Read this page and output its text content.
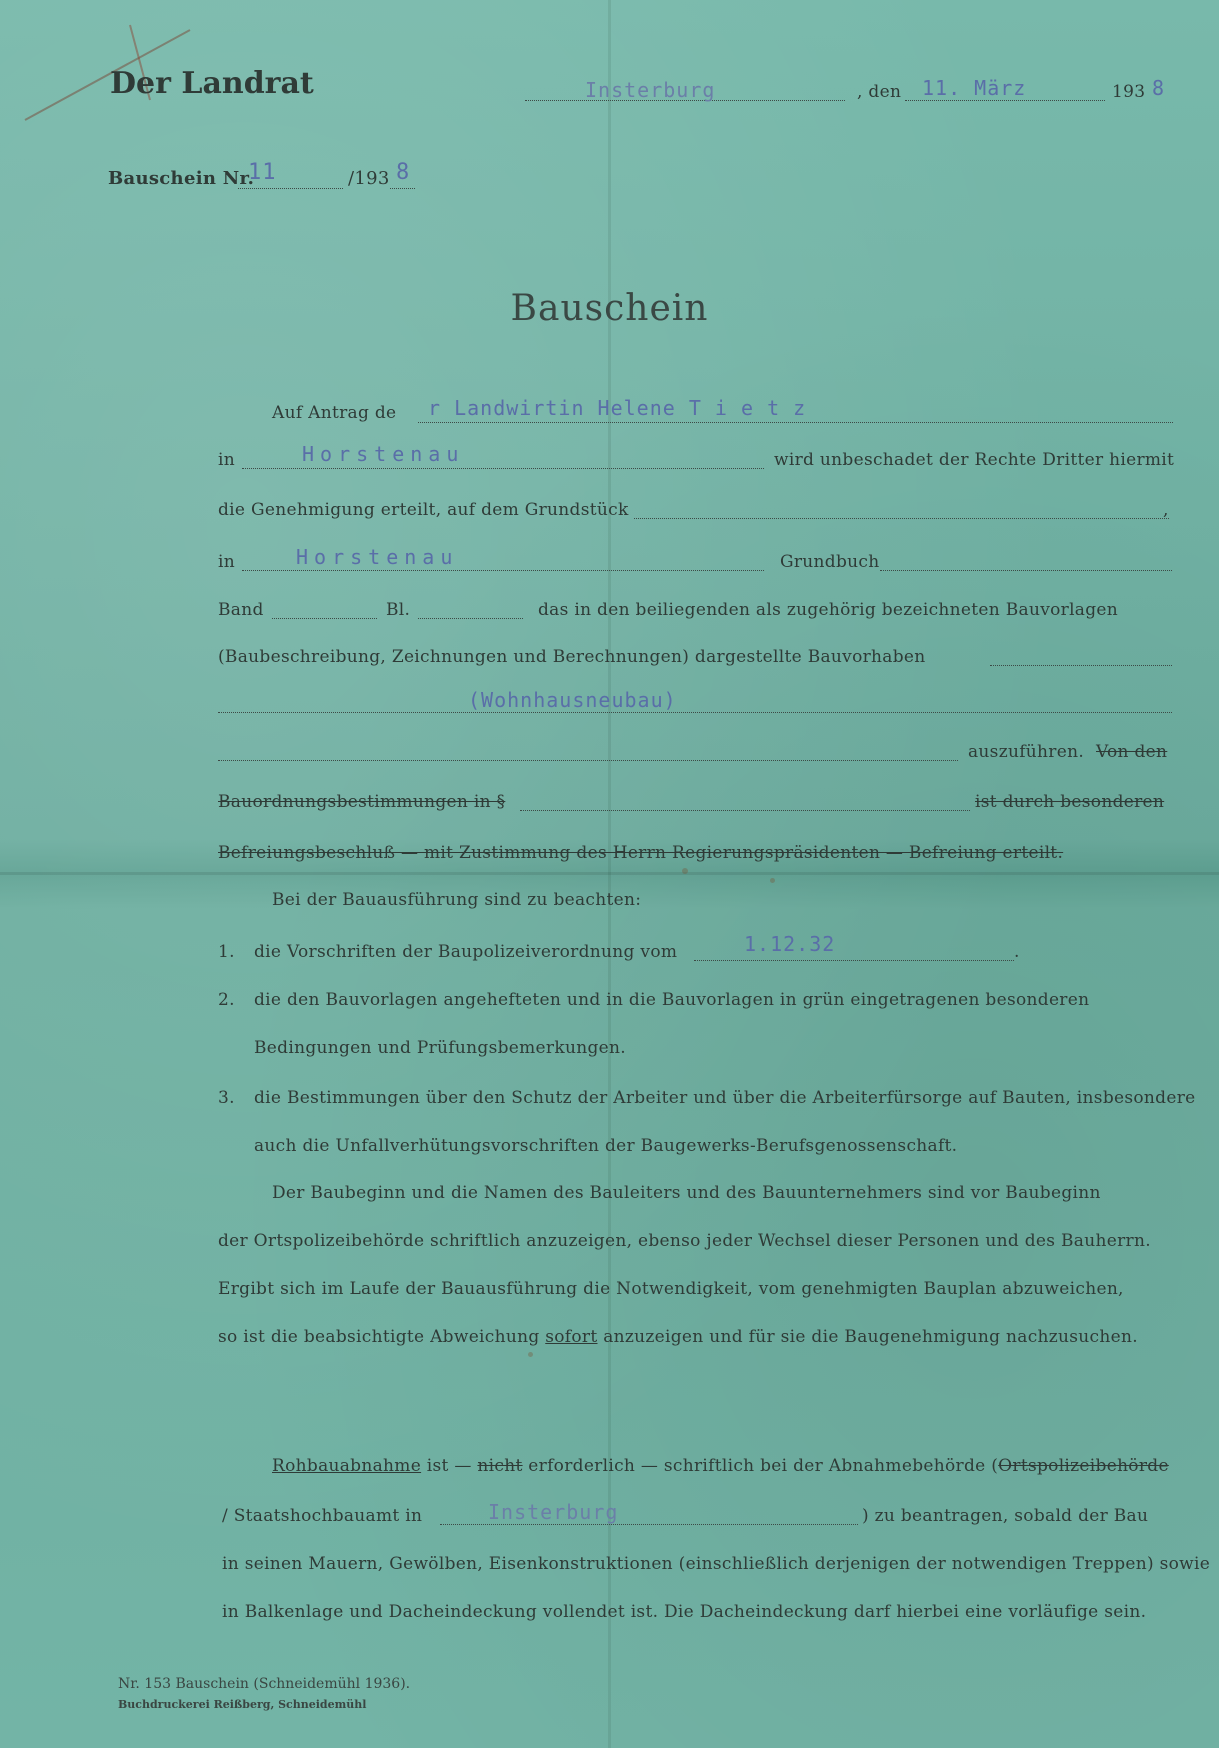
Der Landrat	Insterburg	, den 11. März	193 8
Bauschein Nr.
11	/193 8
Bauschein
Auf Antrag de r Landwirtin Helene T i e t z
in	Horstenau	wird unbeschadet der Rechte Dritter hiermit
die Genehmigung erteilt, auf dem Grundstück	,
in	Horstenau	Grundbuch
Band	Bl.	das in den beiliegenden als zugehörig bezeichneten Bauvorlagen
(Baubeschreibung, Zeichnungen und Berechnungen) dargestellte Bauvorhaben
(Wohnhausneubau)
auszuführen. Von den
Bauordnungsbestimmungen in §	ist durch besonderen
Befreiungsbeschluß — mit Zustimmung des Herrn Regierungspräsidenten — Befreiung erteilt.
Bei der Bauausführung sind zu beachten:
1. die Vorschriften der Baupolizeiverordnung vom	1.12.32	.
2. die den Bauvorlagen angehefteten und in die Bauvorlagen in grün eingetragenen besonderen
Bedingungen und Prüfungsbemerkungen.
3. die Bestimmungen über den Schutz der Arbeiter und über die Arbeiterfürsorge auf Bauten, insbesondere
auch die Unfallverhütungsvorschriften der Baugewerks-Berufsgenossenschaft.
Der Baubeginn und die Namen des Bauleiters und des Bauunternehmers sind vor Baubeginn
der Ortspolizeibehörde schriftlich anzuzeigen, ebenso jeder Wechsel dieser Personen und des Bauherrn.
Ergibt sich im Laufe der Bauausführung die Notwendigkeit, vom genehmigten Bauplan abzuweichen,
so ist die beabsichtigte Abweichung sofort anzuzeigen und für sie die Baugenehmigung nachzusuchen.
Rohbauabnahme ist — nicht erforderlich — schriftlich bei der Abnahmebehörde (Ortspolizeibehörde
/ Staatshochbauamt in	Insterburg	) zu beantragen, sobald der Bau
in seinen Mauern, Gewölben, Eisenkonstruktionen (einschließlich derjenigen der notwendigen Treppen) sowie
in Balkenlage und Dacheindeckung vollendet ist. Die Dacheindeckung darf hierbei eine vorläufige sein.
Nr. 153 Bauschein (Schneidemühl 1936).
Buchdruckerei Reißberg, Schneidemühl
